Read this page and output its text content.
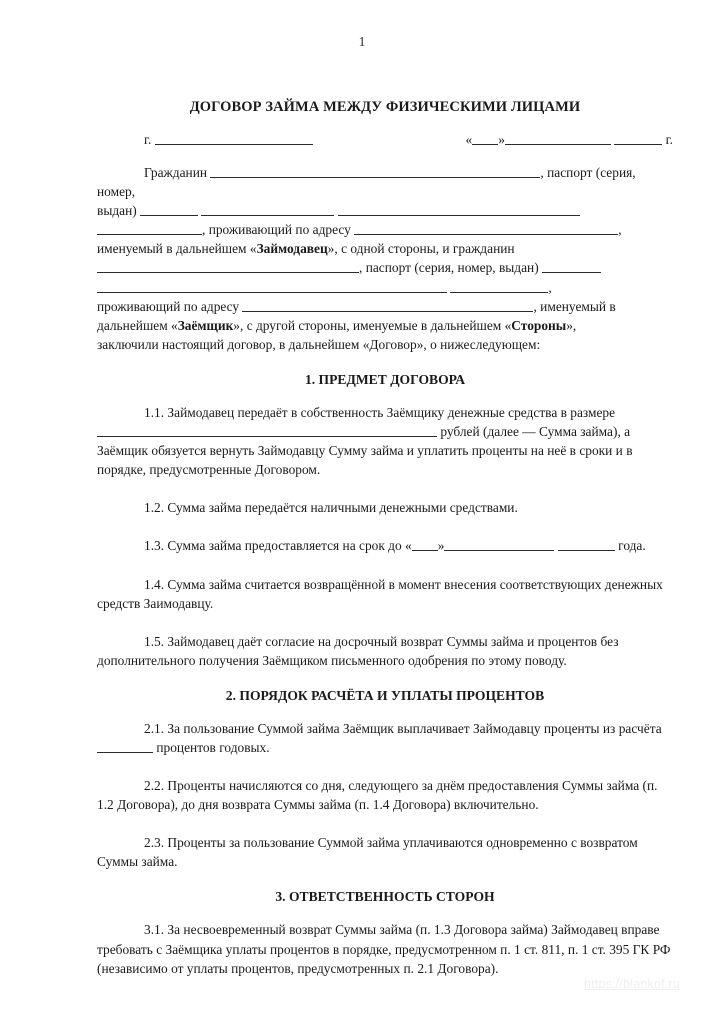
1
ДОГОВОР ЗАЙМА МЕЖДУ ФИЗИЧЕСКИМИ ЛИЦАМИ
г.	« »	г.

Гражданин	, паспорт (серия, номер,
выдан)
, проживающий по адресу	,
именуемый в дальнейшем «Займодавец», с одной стороны, и гражданин
, паспорт (серия, номер, выдан)
,
проживающий по адресу	, именуемый в
дальнейшем «Заёмщик», с другой стороны, именуемые в дальнейшем «Стороны»,
заключили настоящий договор, в дальнейшем «Договор», о нижеследующем:

1. ПРЕДМЕТ ДОГОВОРА

1.1. Займодавец передаёт в собственность Заёмщику денежные средства в размере
рублей (далее — Сумма займа), а Заёмщик обязуется вернуть Займодавцу Сумму займа и уплатить проценты на неё в сроки и в порядке, предусмотренные Договором.

1.2. Сумма займа передаётся наличными денежными средствами.

1.3. Сумма займа предоставляется на срок до « »	года.

1.4. Сумма займа считается возвращённой в момент внесения соответствующих денежных средств Заимодавцу.

1.5. Займодавец даёт согласие на досрочный возврат Суммы займа и процентов без дополнительного получения Заёмщиком письменного одобрения по этому поводу.

2. ПОРЯДОК РАСЧЁТА И УПЛАТЫ ПРОЦЕНТОВ

2.1. За пользование Суммой займа Заёмщик выплачивает Займодавцу проценты из расчёта  процентов годовых.

2.2. Проценты начисляются со дня, следующего за днём предоставления Суммы займа (п. 1.2 Договора), до дня возврата Суммы займа (п. 1.4 Договора) включительно.

2.3. Проценты за пользование Суммой займа уплачиваются одновременно с возвратом Суммы займа.

3. ОТВЕТСТВЕННОСТЬ СТОРОН

3.1. За несвоевременный возврат Суммы займа (п. 1.3 Договора займа) Займодавец вправе требовать с Заёмщика уплаты процентов в порядке, предусмотренном п. 1 ст. 811, п. 1 ст. 395 ГК РФ (независимо от уплаты процентов, предусмотренных п. 2.1 Договора).

https://blankof.ru
